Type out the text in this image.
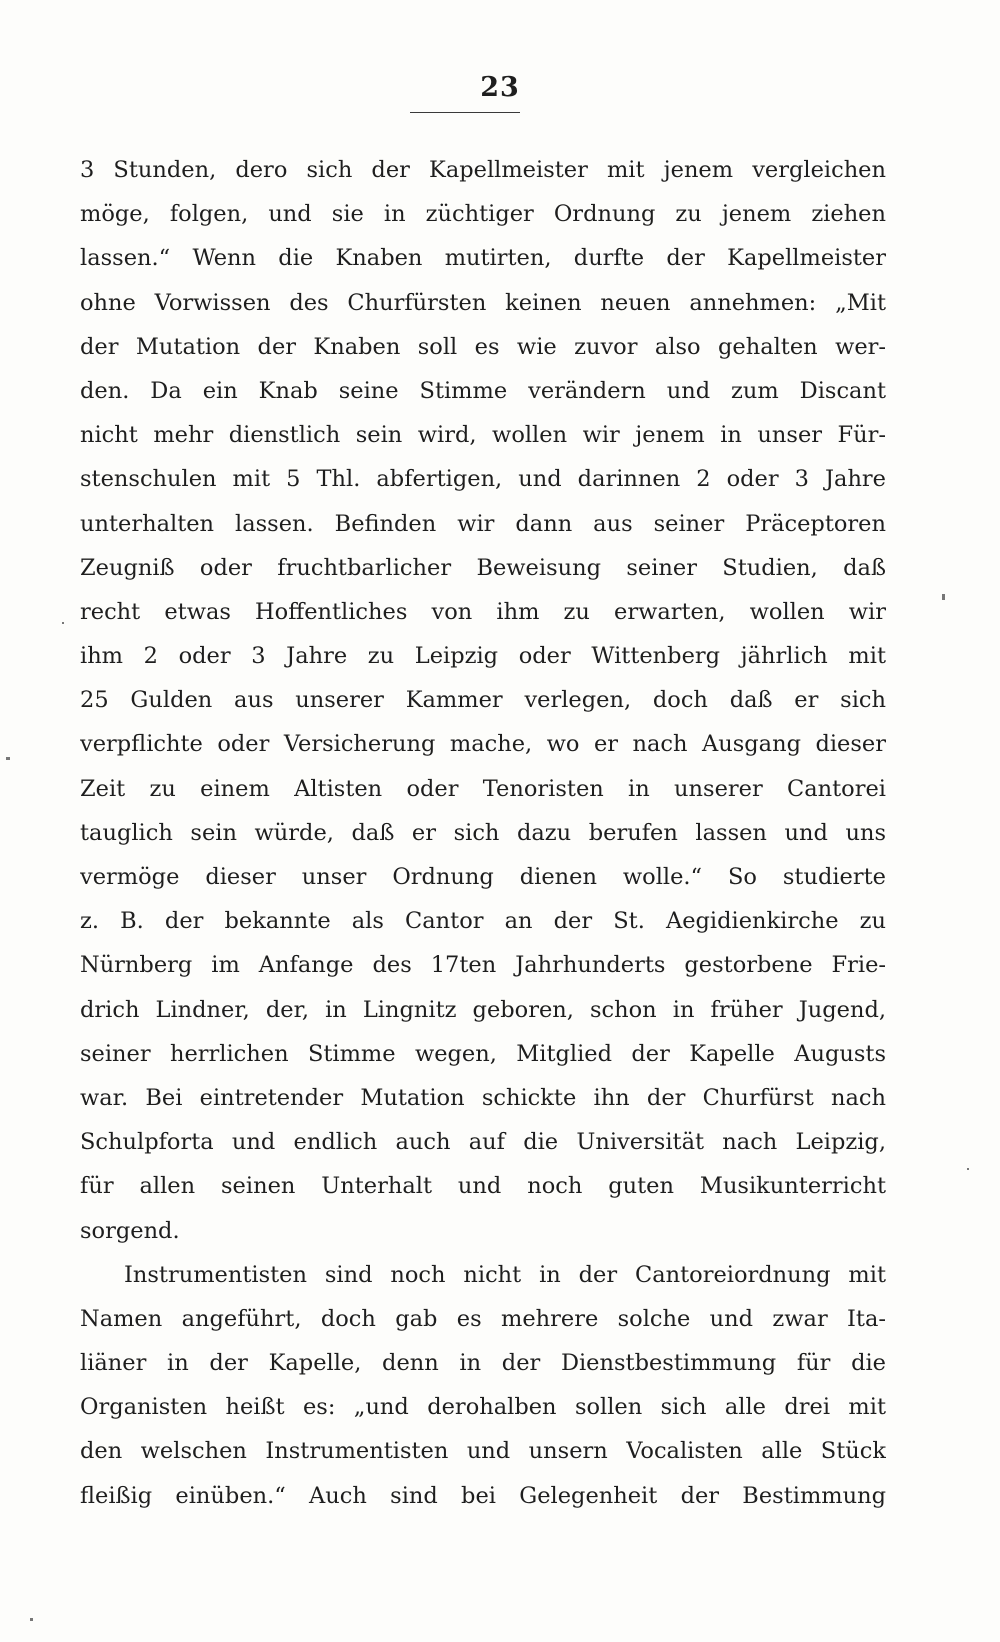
23
3 Stunden, dero sich der Kapellmeister mit jenem vergleichen
möge, folgen, und sie in züchtiger Ordnung zu jenem ziehen
lassen.“ Wenn die Knaben mutirten, durfte der Kapellmeister
ohne Vorwissen des Churfürsten keinen neuen annehmen: „Mit
der Mutation der Knaben soll es wie zuvor also gehalten wer-
den. Da ein Knab seine Stimme verändern und zum Discant
nicht mehr dienstlich sein wird, wollen wir jenem in unser Für-
stenschulen mit 5 Thl. abfertigen, und darinnen 2 oder 3 Jahre
unterhalten lassen. Befinden wir dann aus seiner Präceptoren
Zeugniß oder fruchtbarlicher Beweisung seiner Studien, daß
recht etwas Hoffentliches von ihm zu erwarten, wollen wir
ihm 2 oder 3 Jahre zu Leipzig oder Wittenberg jährlich mit
25 Gulden aus unserer Kammer verlegen, doch daß er sich
verpflichte oder Versicherung mache, wo er nach Ausgang dieser
Zeit zu einem Altisten oder Tenoristen in unserer Cantorei
tauglich sein würde, daß er sich dazu berufen lassen und uns
vermöge dieser unser Ordnung dienen wolle.“ So studierte
z. B. der bekannte als Cantor an der St. Aegidienkirche zu
Nürnberg im Anfange des 17ten Jahrhunderts gestorbene Frie-
drich Lindner, der, in Lingnitz geboren, schon in früher Jugend,
seiner herrlichen Stimme wegen, Mitglied der Kapelle Augusts
war. Bei eintretender Mutation schickte ihn der Churfürst nach
Schulpforta und endlich auch auf die Universität nach Leipzig,
für allen seinen Unterhalt und noch guten Musikunterricht
sorgend.
Instrumentisten sind noch nicht in der Cantoreiordnung mit
Namen angeführt, doch gab es mehrere solche und zwar Ita-
liäner in der Kapelle, denn in der Dienstbestimmung für die
Organisten heißt es: „und derohalben sollen sich alle drei mit
den welschen Instrumentisten und unsern Vocalisten alle Stück
fleißig einüben.“ Auch sind bei Gelegenheit der Bestimmung
